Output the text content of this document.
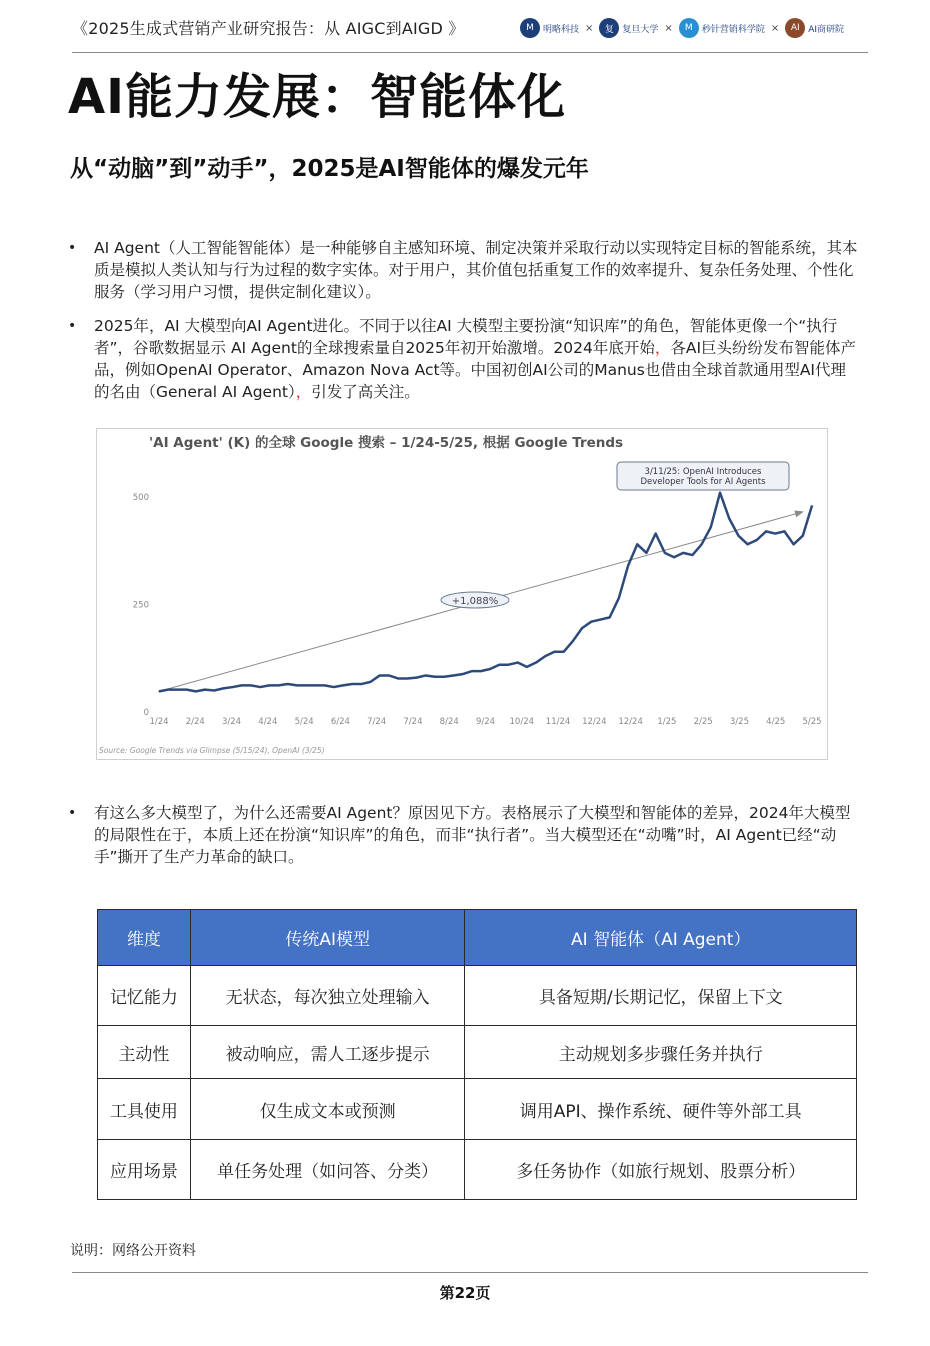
《2025生成式营销产业研究报告：从 AIGC到AIGD 》	M	明略科技 ×	复 复旦大学 ×	M	秒针营销科学院 ×	AI AI商研院
AI能力发展：智能体化
从“动脑”到”动手”，2025是AI智能体的爆发元年
• AI Agent（人工智能智能体）是一种能够自主感知环境、制定决策并采取行动以实现特定目标的智能系统，其本质是模拟人类认知与行为过程的数字实体。对于用户，其价值包括重复工作的效率提升、复杂任务处理、个性化服务（学习用户习惯，提供定制化建议）。
• 2025年，AI 大模型向AI Agent进化。不同于以往AI 大模型主要扮演“知识库”的角色，智能体更像一个“执行者”，谷歌数据显示 AI Agent的全球搜索量自2025年初开始激增。2024年底开始，各AI巨头纷纷发布智能体产品，例如OpenAI Operator、Amazon Nova Act等。中国初创AI公司的Manus也借由全球首款通用型AI代理的名由（General AI Agent），引发了高关注。
'AI Agent' (K) 的全球 Google 搜索 – 1/24-5/25, 根据 Google Trends
0
250
500
1/24 2/24 3/24 4/24 5/24 6/24 7/24 7/24 8/24 9/24 10/24 11/24 12/24 12/24 1/25 2/25 3/25 4/25 5/25
+1,088%
3/11/25: OpenAI Introduces
Developer Tools for AI Agents
Source: Google Trends via Glimpse (5/15/24), OpenAI (3/25)
• 有这么多大模型了，为什么还需要AI Agent？原因见下方。表格展示了大模型和智能体的差异，2024年大模型的局限性在于，本质上还在扮演“知识库”的角色，而非“执行者”。当大模型还在“动嘴”时，AI Agent已经“动手”撕开了生产力革命的缺口。
维度	传统AI模型	AI 智能体（AI Agent）
记忆能力	无状态，每次独立处理输入	具备短期/长期记忆，保留上下文
主动性	被动响应，需人工逐步提示	主动规划多步骤任务并执行
工具使用	仅生成文本或预测	调用API、操作系统、硬件等外部工具
应用场景	单任务处理（如问答、分类）	多任务协作（如旅行规划、股票分析）
说明：网络公开资料
第22页
